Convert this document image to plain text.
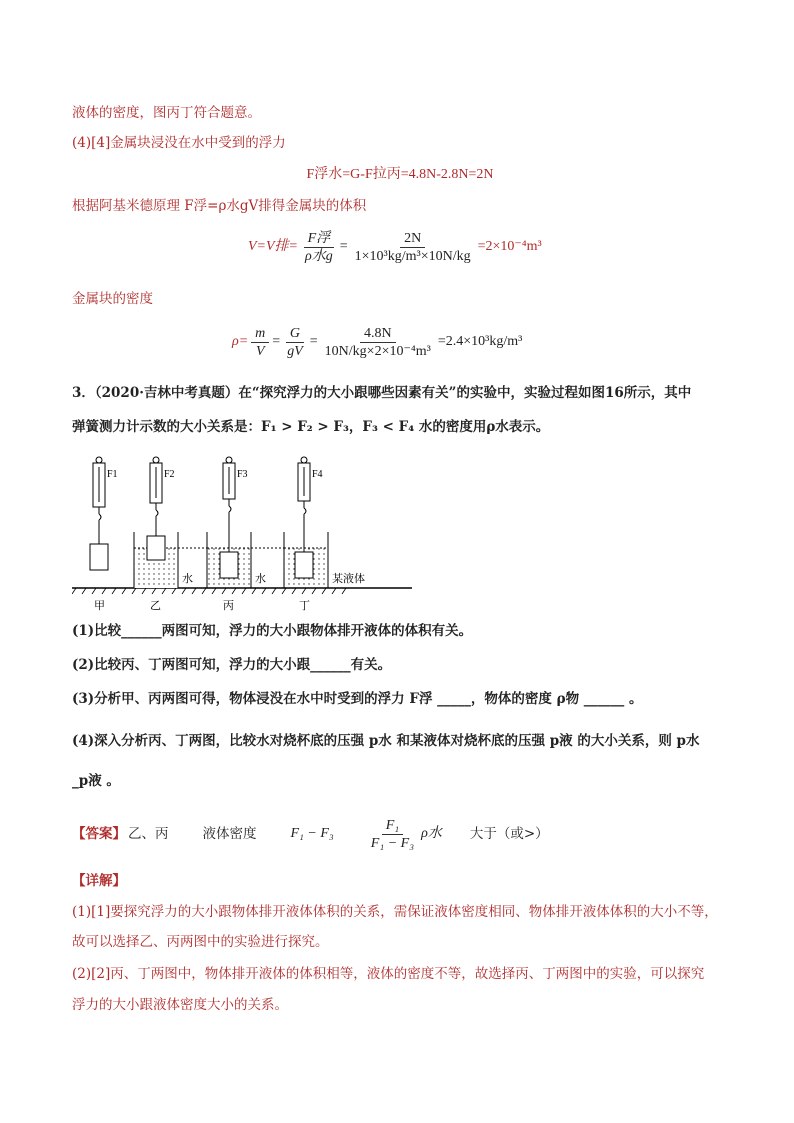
液体的密度，图丙丁符合题意。
(4)[4]金属块浸没在水中受到的浮力
F浮水=G-F拉丙=4.8N-2.8N=2N
根据阿基米德原理 F浮=ρ水gV排得金属块的体积
V=V排= $\frac{\text{F浮}}{\text{ρ水g}} = \frac{2N}{\text{1×10³kg/m³×10N/kg}} =2\times 10^{-4}m^3$
金属块的密度
$\rho= \frac{m}{V} = \frac{G}{gV} = \frac{4.8N}{\text{10N/kg×2×10⁻⁴m³}} =2.4\times 10^3kg/m^3$
3．（2020·吉林中考真题）在“探究浮力的大小跟哪些因素有关”的实验中，实验过程如图16所示，其中
弹簧测力计示数的大小关系是：F₁ > F₂ > F₃，F₃ < F₄ 水的密度用ρ水表示。
F1	F2
水
F3
水
F4
某液体
甲	乙	丙	丁
(1)比较______两图可知，浮力的大小跟物体排开液体的体积有关。
(2)比较丙、丁两图可知，浮力的大小跟______有关。
(3)分析甲、丙两图可得，物体浸没在水中时受到的浮力 F浮 _____，物体的密度 ρ物 ______ 。
(4)深入分析丙、丁两图，比较水对烧杯底的压强 p水 和某液体对烧杯底的压强 p液 的大小关系，则 p水
_p液 。
【答案】 乙、丙	液体密度 $F_1 - F_3 \frac{\text{F₁}}{\text{F₁ − F₃}}$ ρ水 大于（或>）
【详解】
(1)[1]要探究浮力的大小跟物体排开液体体积的关系，需保证液体密度相同、物体排开液体体积的大小不等，
故可以选择乙、丙两图中的实验进行探究。
(2)[2]丙、丁两图中，物体排开液体的体积相等，液体的密度不等，故选择丙、丁两图中的实验，可以探究
浮力的大小跟液体密度大小的关系。
